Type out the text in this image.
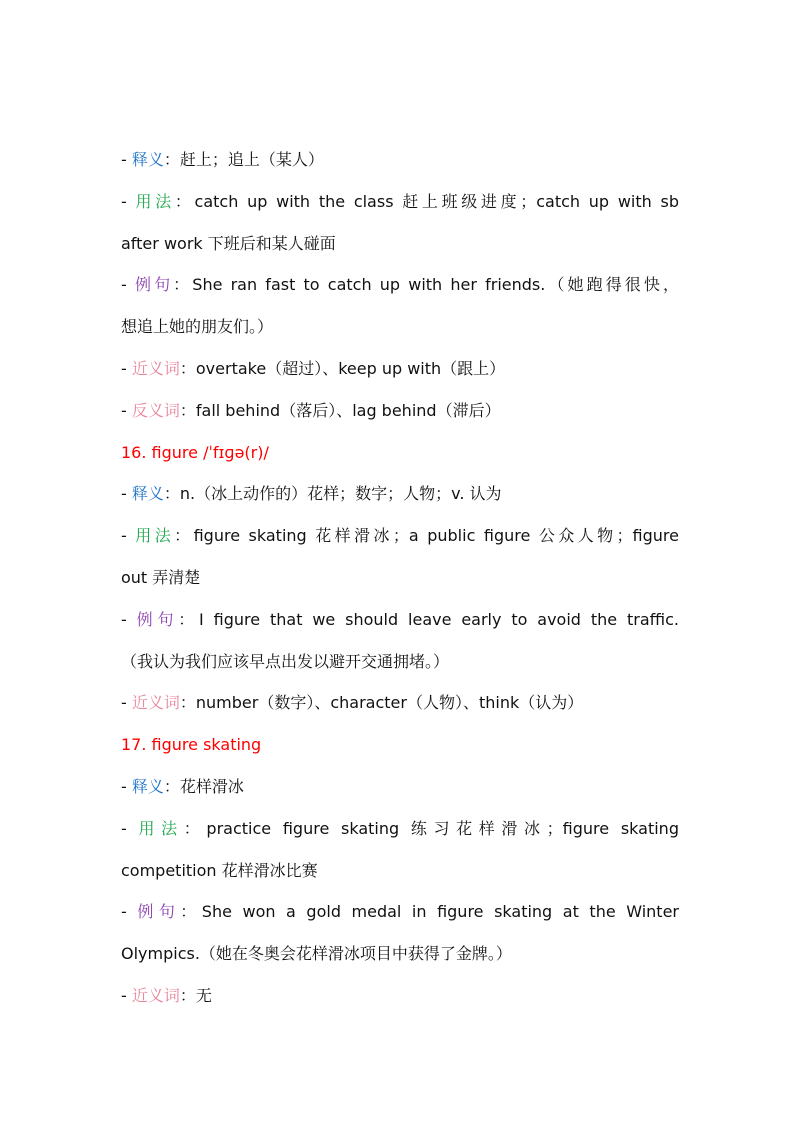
- 释义：赶上；追上（某人）
- 用法：catch up with the class 赶上班级进度；catch up with sb
after work 下班后和某人碰面
- 例句：She ran fast to catch up with her friends.（她跑得很快，
想追上她的朋友们。）
- 近义词：overtake（超过）、keep up with（跟上）
- 反义词：fall behind（落后）、lag behind（滞后）
16. figure /ˈfɪɡə(r)/
- 释义：n.（冰上动作的）花样；数字；人物；v. 认为
- 用法：figure skating 花样滑冰；a public figure 公众人物；figure
out 弄清楚
- 例句：I figure that we should leave early to avoid the traffic.
（我认为我们应该早点出发以避开交通拥堵。）
- 近义词：number（数字）、character（人物）、think（认为）
17. figure skating
- 释义：花样滑冰
- 用法：practice figure skating 练习花样滑冰；figure skating
competition 花样滑冰比赛
- 例句：She won a gold medal in figure skating at the Winter
Olympics.（她在冬奥会花样滑冰项目中获得了金牌。）
- 近义词：无
